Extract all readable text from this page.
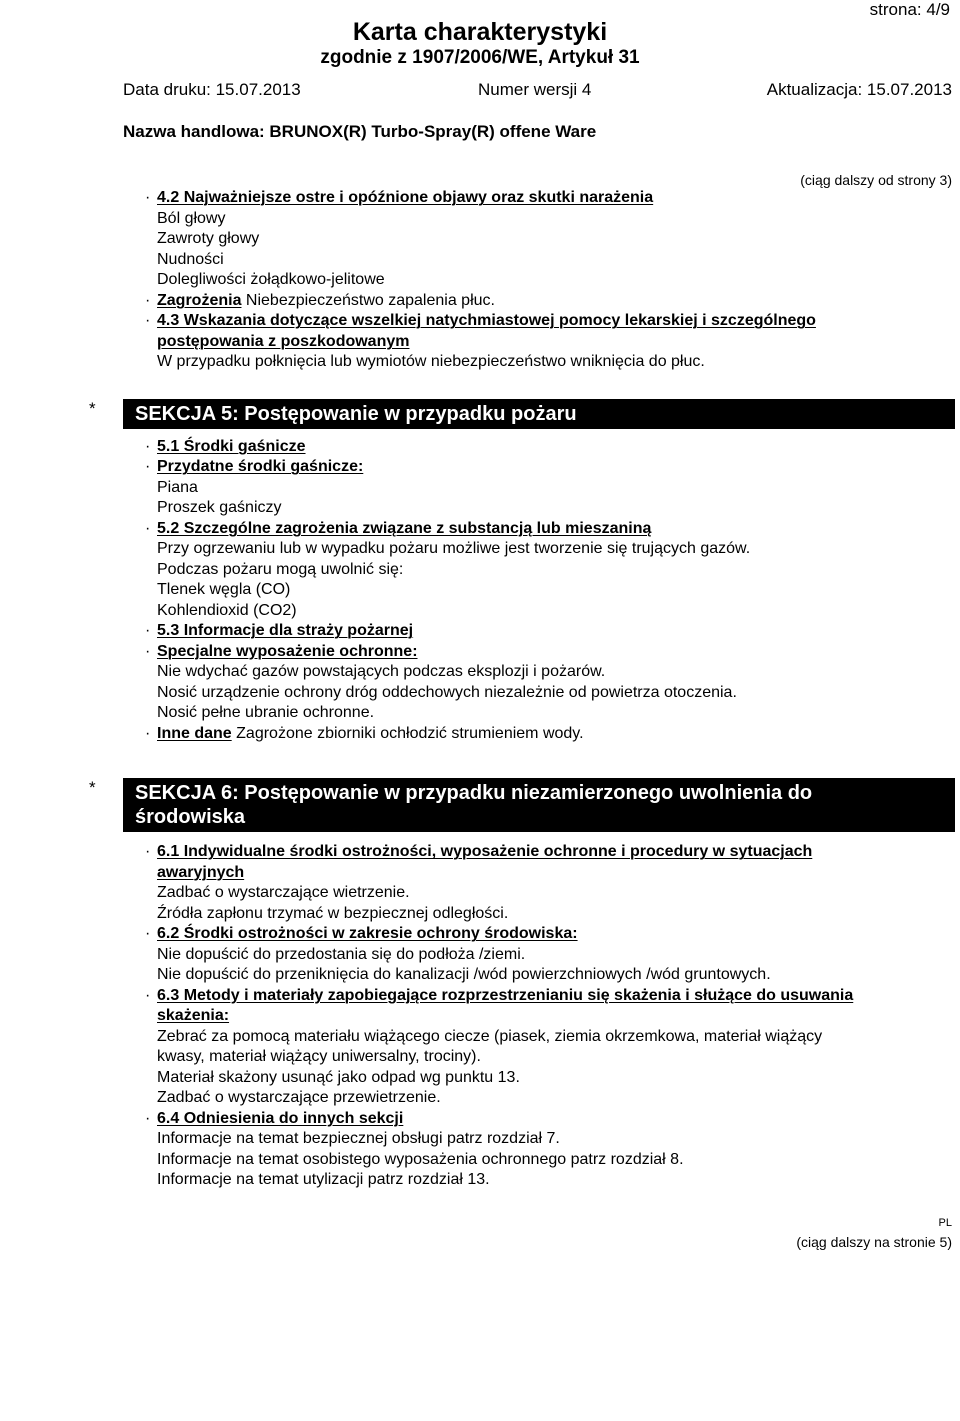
strona: 4/9
Karta charakterystyki
zgodnie z 1907/2006/WE, Artykuł 31
Data druku: 15.07.2013	Numer wersji 4	Aktualizacja: 15.07.2013
Nazwa handlowa: BRUNOX(R) Turbo-Spray(R) offene Ware
(ciąg dalszy od strony 3)
· 4.2 Najważniejsze ostre i opóźnione objawy oraz skutki narażenia
Ból głowy
Zawroty głowy
Nudności
Dolegliwości żołądkowo-jelitowe
· Zagrożenia Niebezpieczeństwo zapalenia płuc.
· 4.3 Wskazania dotyczące wszelkiej natychmiastowej pomocy lekarskiej i szczególnego
postępowania z poszkodowanym
W przypadku połknięcia lub wymiotów niebezpieczeństwo wniknięcia do płuc.
*	SEKCJA 5: Postępowanie w przypadku pożaru
· 5.1 Środki gaśnicze
· Przydatne środki gaśnicze:
Piana
Proszek gaśniczy
· 5.2 Szczególne zagrożenia związane z substancją lub mieszaniną
Przy ogrzewaniu lub w wypadku pożaru możliwe jest tworzenie się trujących gazów.
Podczas pożaru mogą uwolnić się:
Tlenek węgla (CO)
Kohlendioxid (CO2)
· 5.3 Informacje dla straży pożarnej
· Specjalne wyposażenie ochronne:
Nie wdychać gazów powstających podczas eksplozji i pożarów.
Nosić urządzenie ochrony dróg oddechowych niezależnie od powietrza otoczenia.
Nosić pełne ubranie ochronne.
· Inne dane Zagrożone zbiorniki ochłodzić strumieniem wody.
* SEKCJA 6: Postępowanie w przypadku niezamierzonego uwolnienia do
środowiska
· 6.1 Indywidualne środki ostrożności, wyposażenie ochronne i procedury w sytuacjach
awaryjnych
Zadbać o wystarczające wietrzenie.
Źródła zapłonu trzymać w bezpiecznej odległości.
· 6.2 Środki ostrożności w zakresie ochrony środowiska:
Nie dopuścić do przedostania się do podłoża /ziemi.
Nie dopuścić do przeniknięcia do kanalizacji /wód powierzchniowych /wód gruntowych.
· 6.3 Metody i materiały zapobiegające rozprzestrzenianiu się skażenia i służące do usuwania
skażenia:
Zebrać za pomocą materiału wiążącego ciecze (piasek, ziemia okrzemkowa, materiał wiążący
kwasy, materiał wiążący uniwersalny, trociny).
Materiał skażony usunąć jako odpad wg punktu 13.
Zadbać o wystarczające przewietrzenie.
· 6.4 Odniesienia do innych sekcji
Informacje na temat bezpiecznej obsługi patrz rozdział 7.
Informacje na temat osobistego wyposażenia ochronnego patrz rozdział 8.
Informacje na temat utylizacji patrz rozdział 13.
PL
(ciąg dalszy na stronie 5)
